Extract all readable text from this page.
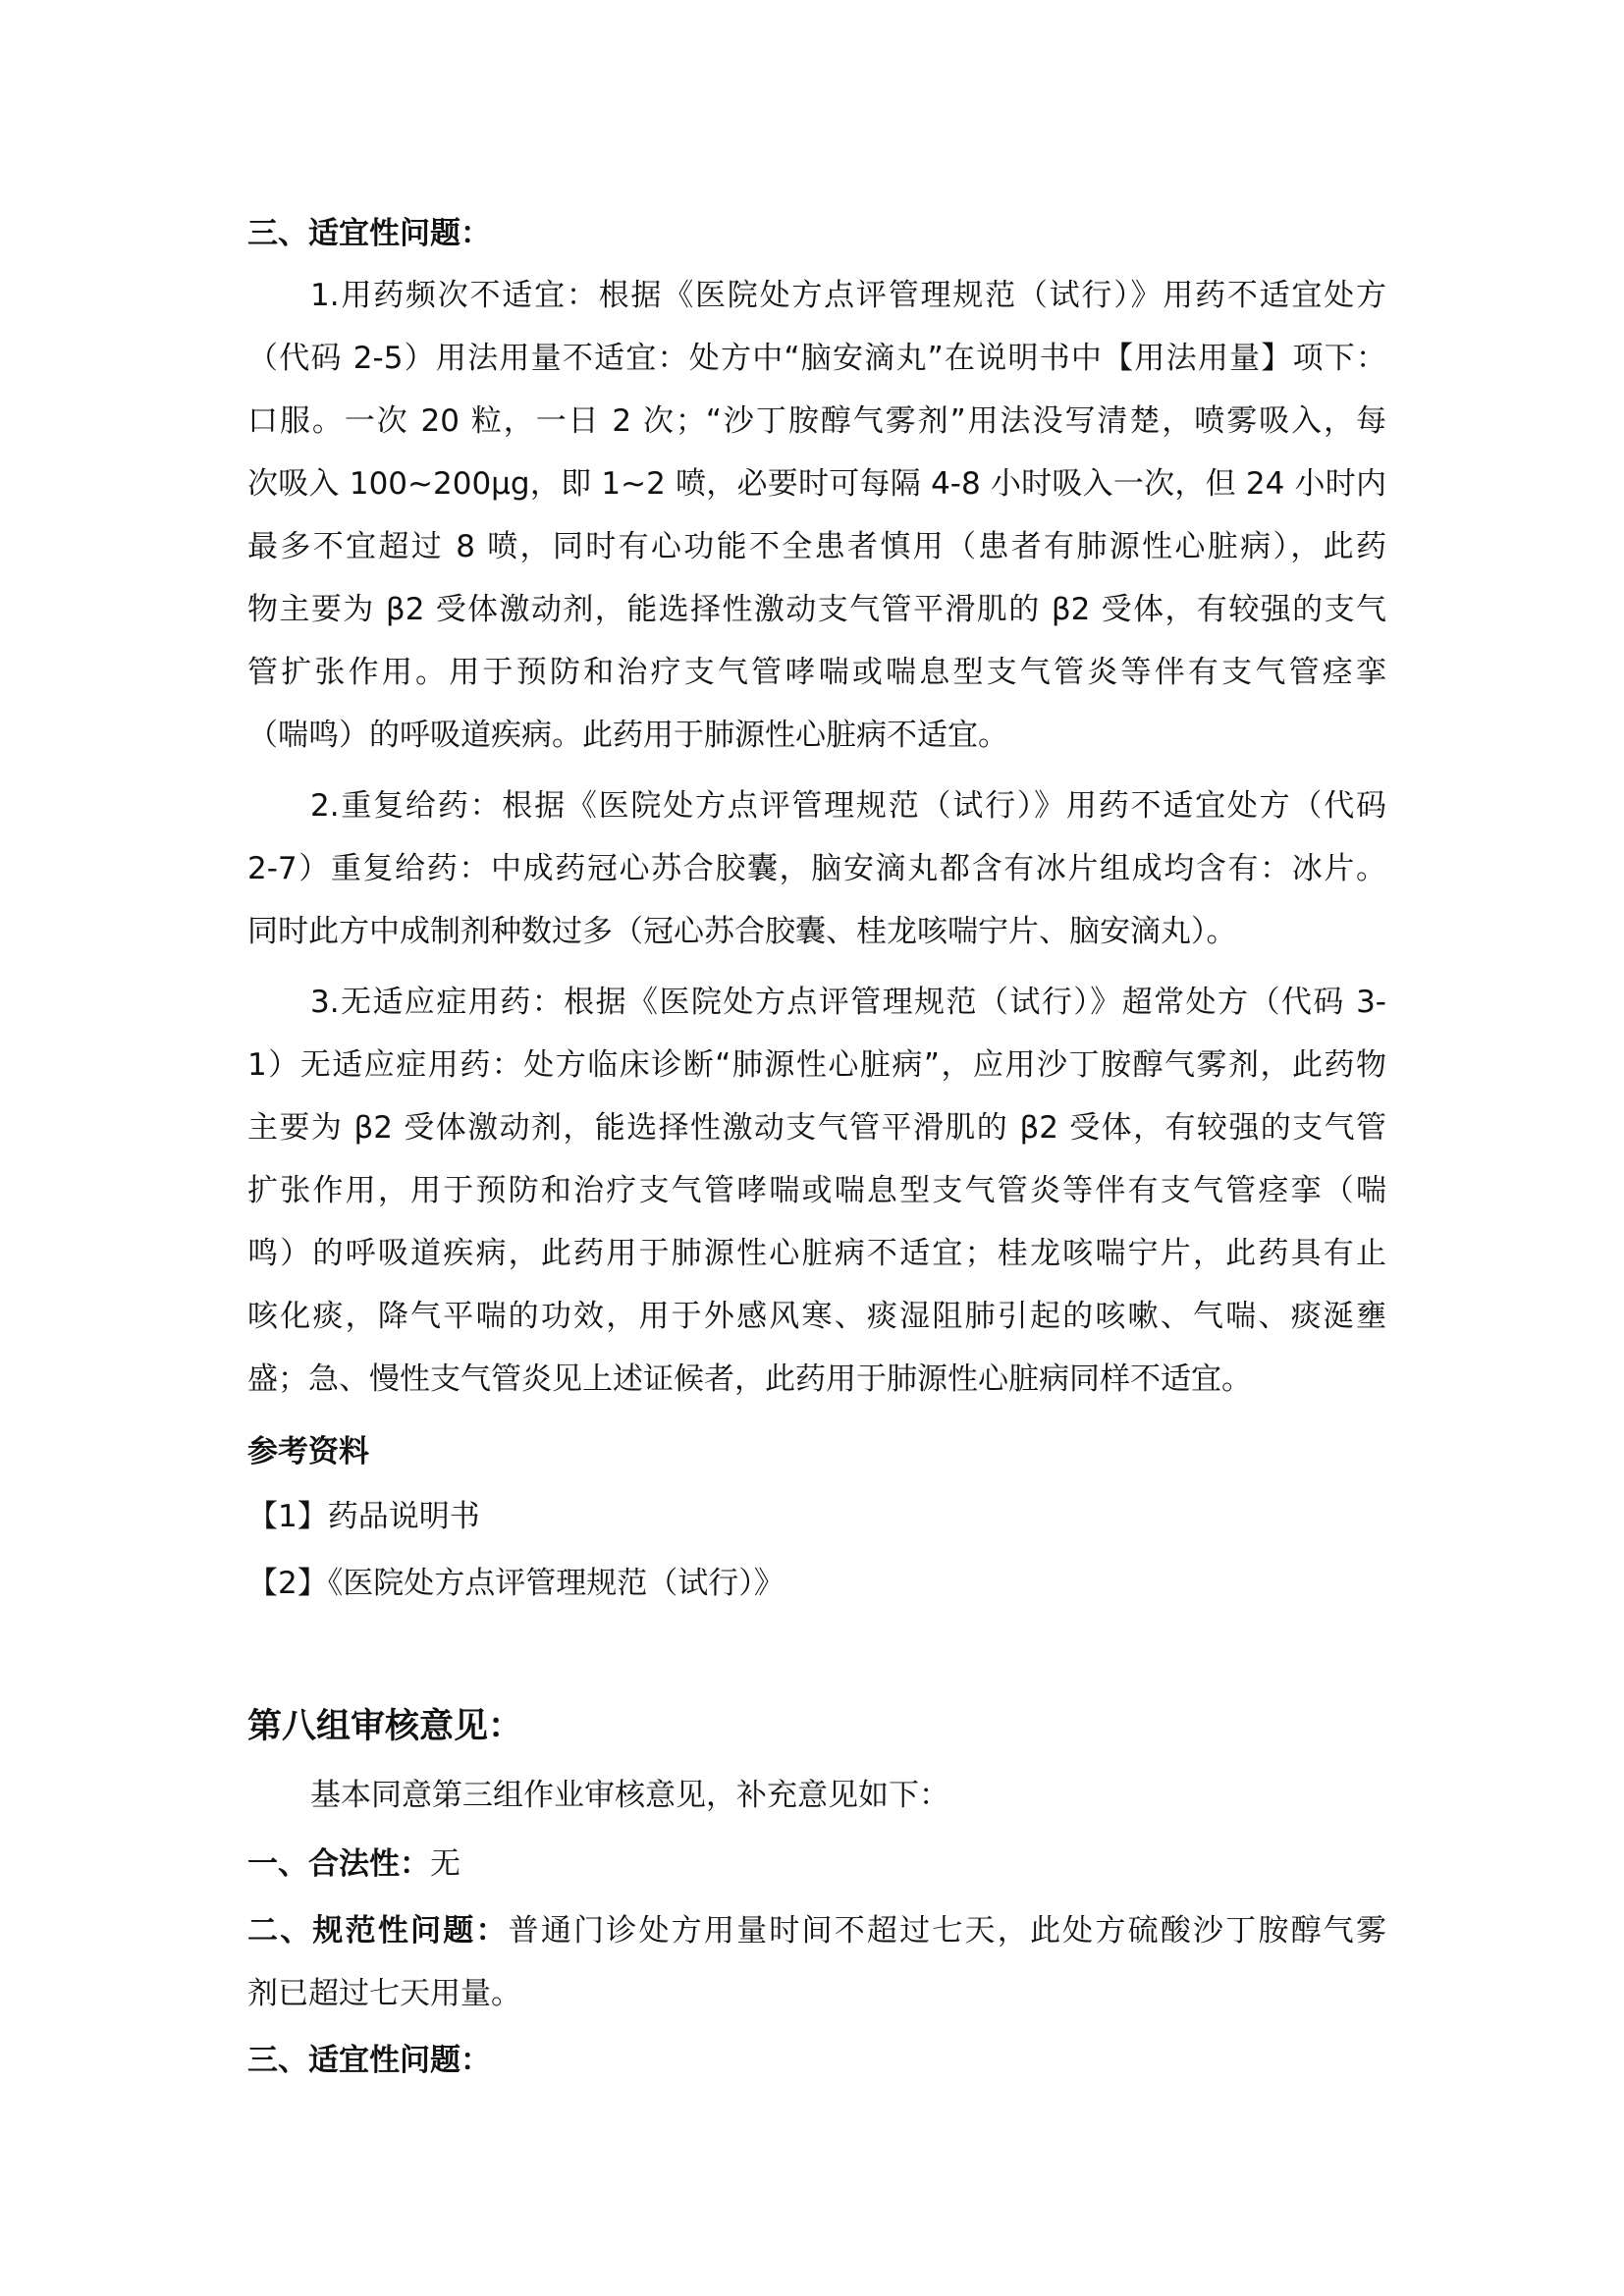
三、适宜性问题：
1.用药频次不适宜：根据《医院处方点评管理规范（试行）》用药不适宜处方
（代码 2-5）用法用量不适宜：处方中“脑安滴丸”在说明书中【用法用量】项下：
口服。一次 20 粒，一日 2 次；“沙丁胺醇气雾剂”用法没写清楚，喷雾吸入，每
次吸入 100~200μg，即 1~2 喷，必要时可每隔 4-8 小时吸入一次，但 24 小时内
最多不宜超过 8 喷，同时有心功能不全患者慎用（患者有肺源性心脏病），此药
物主要为 β2 受体激动剂，能选择性激动支气管平滑肌的 β2 受体，有较强的支气
管扩张作用。用于预防和治疗支气管哮喘或喘息型支气管炎等伴有支气管痉挛
（喘鸣）的呼吸道疾病。此药用于肺源性心脏病不适宜。
2.重复给药：根据《医院处方点评管理规范（试行）》用药不适宜处方（代码
2-7）重复给药：中成药冠心苏合胶囊，脑安滴丸都含有冰片组成均含有：冰片。
同时此方中成制剂种数过多（冠心苏合胶囊、桂龙咳喘宁片、脑安滴丸）。
3.无适应症用药：根据《医院处方点评管理规范（试行）》超常处方（代码 3-
1）无适应症用药：处方临床诊断“肺源性心脏病”，应用沙丁胺醇气雾剂，此药物
主要为 β2 受体激动剂，能选择性激动支气管平滑肌的 β2 受体，有较强的支气管
扩张作用，用于预防和治疗支气管哮喘或喘息型支气管炎等伴有支气管痉挛（喘
鸣）的呼吸道疾病，此药用于肺源性心脏病不适宜；桂龙咳喘宁片，此药具有止
咳化痰，降气平喘的功效，用于外感风寒、痰湿阻肺引起的咳嗽、气喘、痰涎壅
盛；急、慢性支气管炎见上述证候者，此药用于肺源性心脏病同样不适宜。
参考资料
【1】药品说明书
【2】《医院处方点评管理规范（试行）》
第八组审核意见：
基本同意第三组作业审核意见，补充意见如下：
一、合法性：无
二、规范性问题：普通门诊处方用量时间不超过七天，此处方硫酸沙丁胺醇气雾
剂已超过七天用量。
三、适宜性问题：
